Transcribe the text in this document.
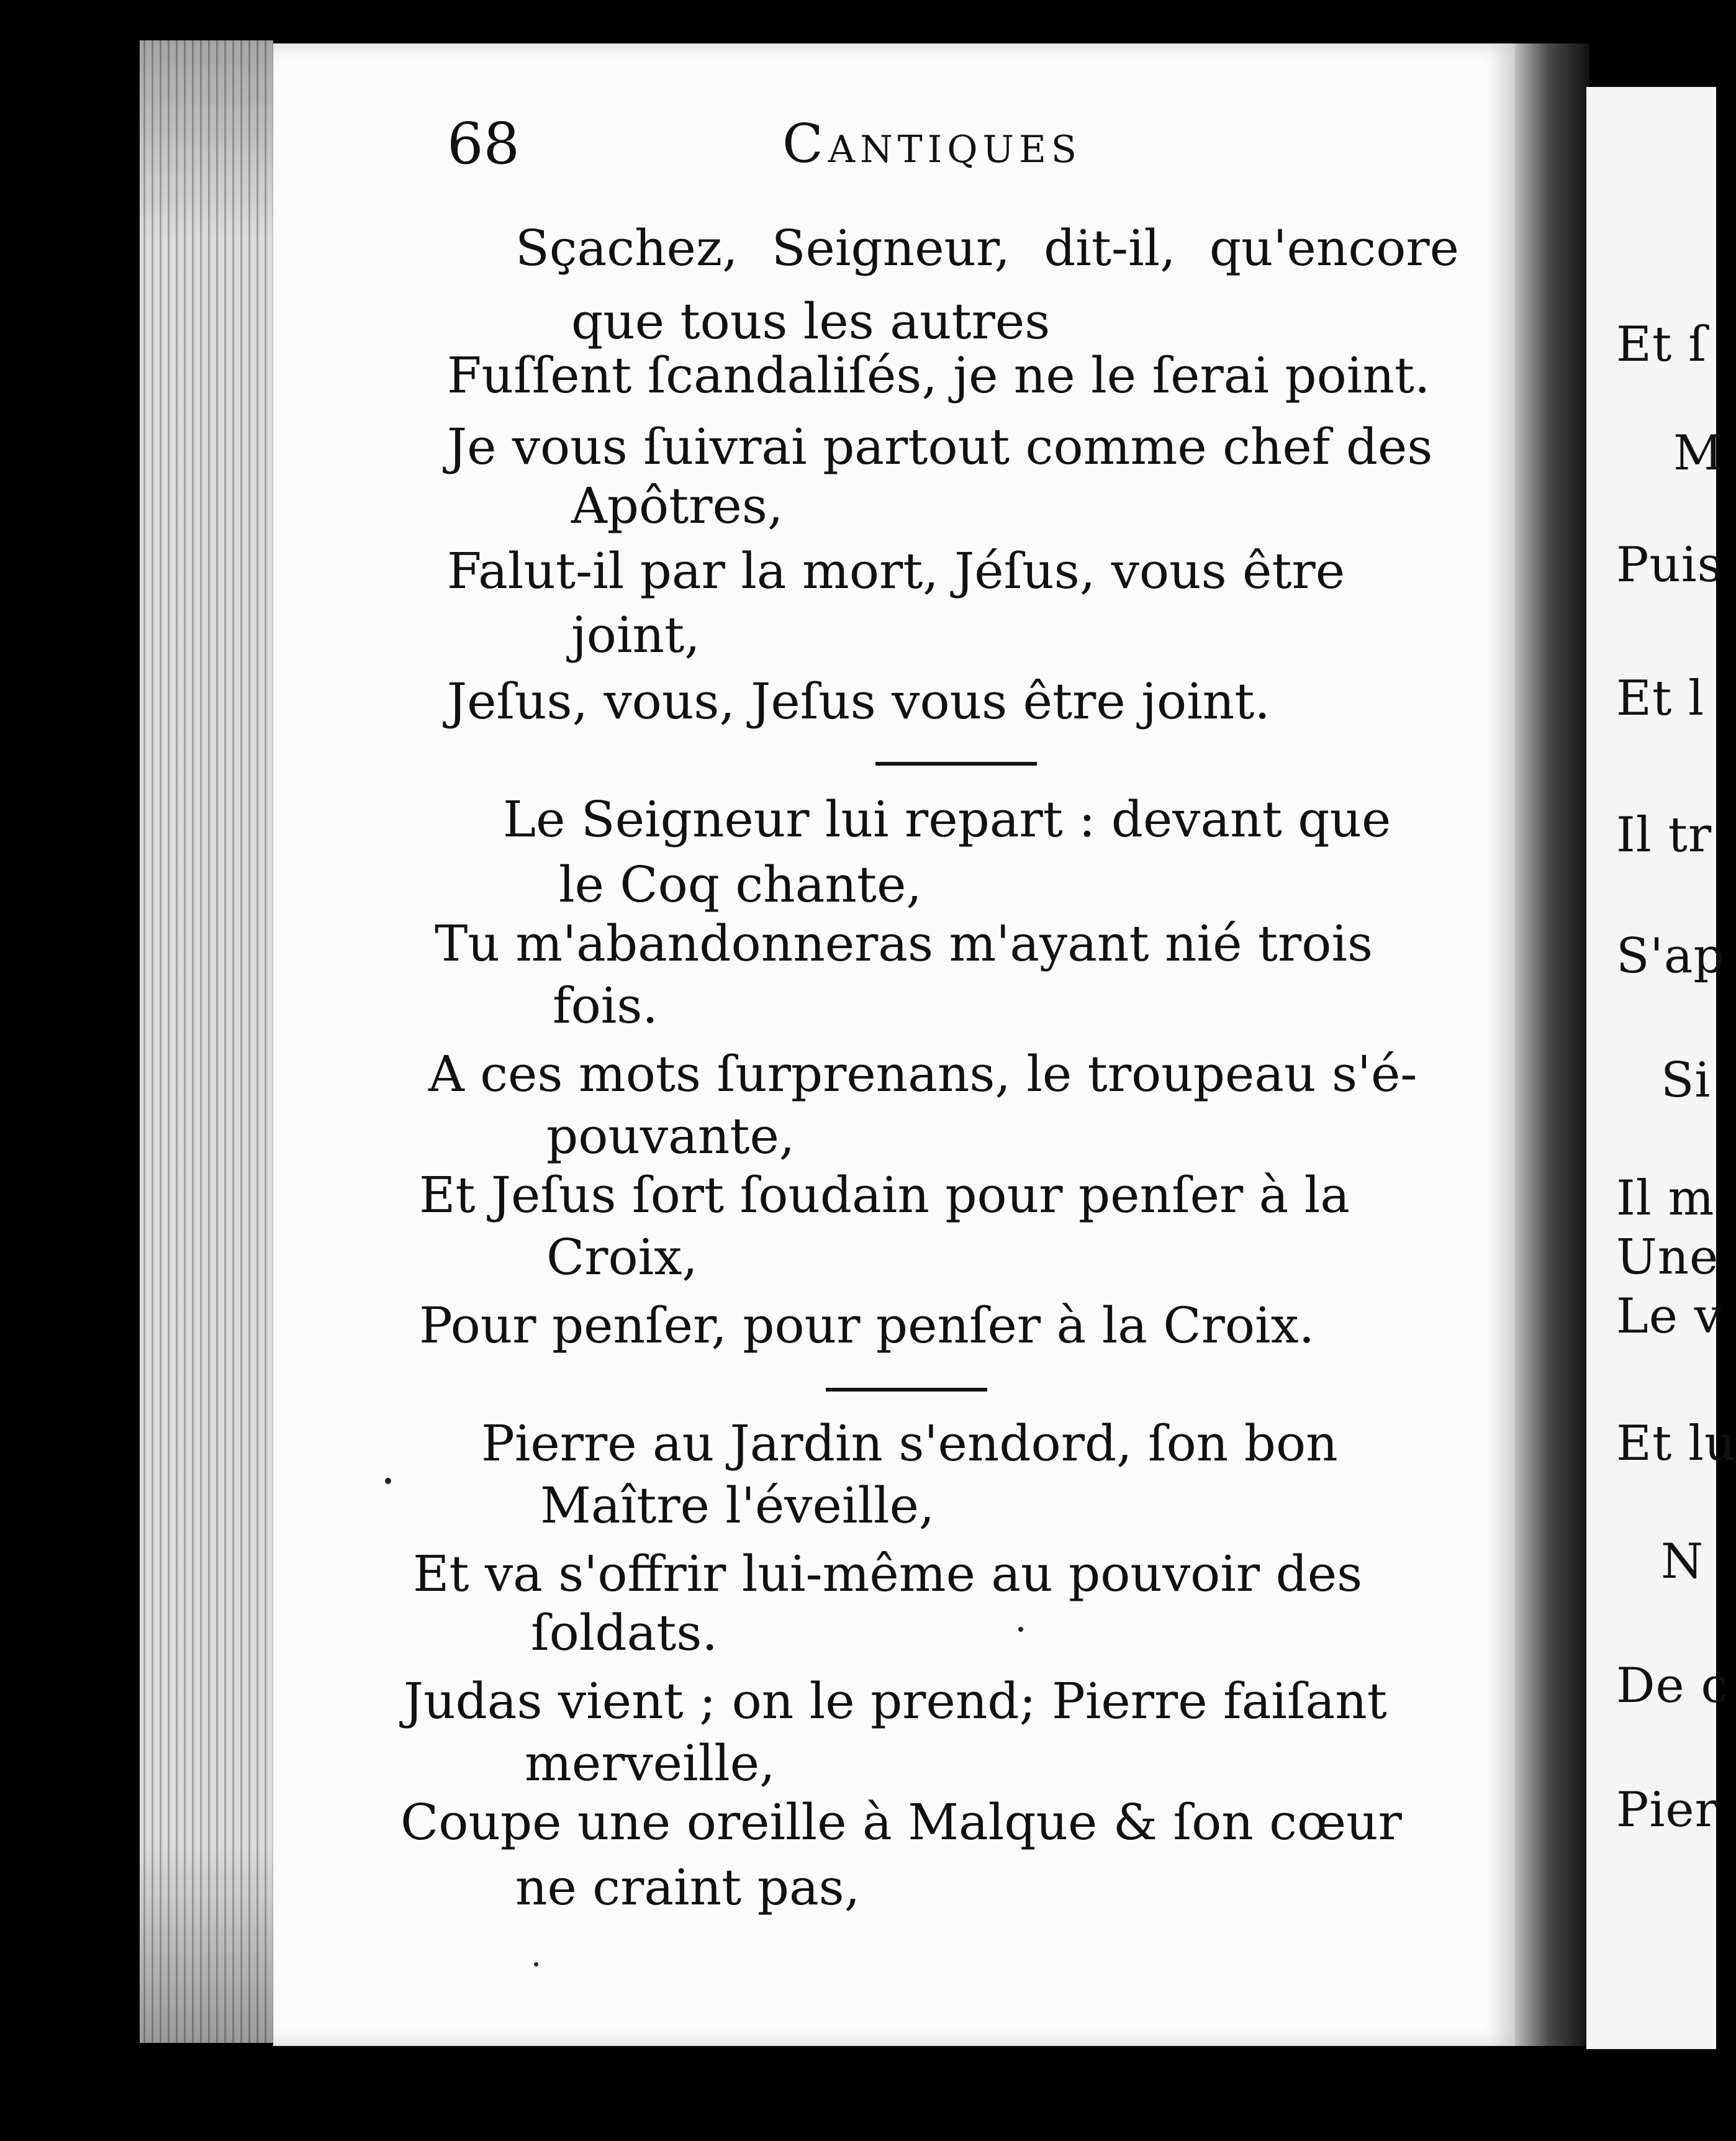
Et ſ
M
Puis
Et l
Il tr
S'ap
Si
Il m
Une
Le v
Et lu
N
De c
Pier
68	Cantiques
Sçachez, Seigneur, dit-il, qu'encore
que tous les autres
Fuſſent ſcandaliſés, je ne le ſerai point.
Je vous ſuivrai partout comme chef des
Apôtres,
Falut-il par la mort, Jéſus, vous être
joint,
Jeſus, vous, Jeſus vous être joint.
Le Seigneur lui repart : devant que
le Coq chante,
Tu m'abandonneras m'ayant nié trois
fois.
A ces mots ſurprenans, le troupeau s'é-
pouvante,
Et Jeſus ſort ſoudain pour penſer à la
Croix,
Pour penſer, pour penſer à la Croix.
Pierre au Jardin s'endord, ſon bon
Maître l'éveille,
Et va s'offrir lui-même au pouvoir des
ſoldats.
Judas vient ; on le prend; Pierre faiſant
merveille,
Coupe une oreille à Malque & ſon cœur
ne craint pas,
